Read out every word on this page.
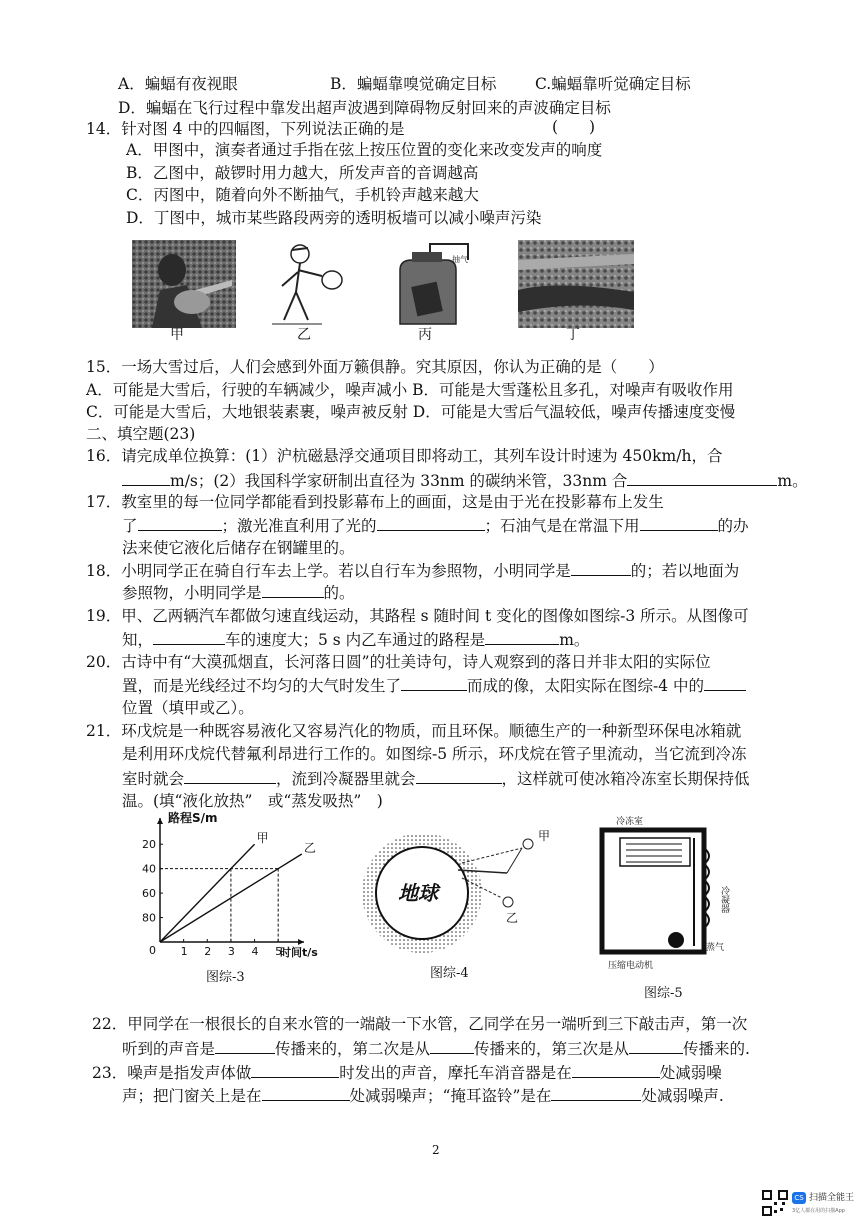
A．蝙蝠有夜视眼	B．蝙蝠靠嗅觉确定目标 C.蝙蝠靠听觉确定目标
D．蝙蝠在飞行过程中靠发出超声波遇到障碍物反射回来的声波确定目标
14．针对图 4 中的四幅图，下列说法正确的是	(　　)
A．甲图中，演奏者通过手指在弦上按压位置的变化来改变发声的响度
B．乙图中，敲锣时用力越大，所发声音的音调越高
C．丙图中，随着向外不断抽气，手机铃声越来越大
D．丁图中，城市某些路段两旁的透明板墙可以减小噪声污染
抽气
甲	乙	丙	丁
15．一场大雪过后，人们会感到外面万籁俱静。究其原因，你认为正确的是（　　）
A．可能是大雪后，行驶的车辆减少，噪声减小 B．可能是大雪蓬松且多孔，对噪声有吸收作用
C．可能是大雪后，大地银装素裹，噪声被反射 D．可能是大雪后气温较低，噪声传播速度变慢
二、填空题(23)
16．请完成单位换算：(1）沪杭磁悬浮交通项目即将动工，其列车设计时速为 450km/h，合
m/s；(2）我国科学家研制出直径为 33nm 的碳纳米管，33nm 合	m。
17．教室里的每一位同学都能看到投影幕布上的画面，这是由于光在投影幕布上发生
了	；激光准直利用了光的	；石油气是在常温下用	的办
法来使它液化后储存在钢罐里的。
18．小明同学正在骑自行车去上学。若以自行车为参照物，小明同学是	的；若以地面为
参照物，小明同学是	的。
19．甲、乙两辆汽车都做匀速直线运动，其路程 s 随时间 t 变化的图像如图综-3 所示。从图像可
知，	车的速度大；5 s 内乙车通过的路程是	m。
20．古诗中有“大漠孤烟直，长河落日圆”的壮美诗句，诗人观察到的落日并非太阳的实际位
置，而是光线经过不均匀的大气时发生了	而成的像，太阳实际在图综-4 中的
位置（填甲或乙）。
21．环戊烷是一种既容易液化又容易汽化的物质，而且环保。顺德生产的一种新型环保电冰箱就
是利用环戊烷代替氟利昂进行工作的。如图综-5 所示，环戊烷在管子里流动，当它流到冷冻
室时就会	，流到冷凝器里就会	，这样就可使冰箱冷冻室长期保持低
温。(填“液化放热”　或“蒸发吸热”　)
1 2 3 4 5
80
60
40
20
0
甲
乙
路程S/m
时间t/s
图综-3
地球
甲
乙
图综-4
冷冻室
冷凝器
蒸气
压缩电动机
图综-5
22．甲同学在一根很长的自来水管的一端敲一下水管，乙同学在另一端听到三下敲击声，第一次
听到的声音是	传播来的，第二次是从	传播来的，第三次是从	传播来的.
23．噪声是指发声体做	时发出的声音，摩托车消音器是在	处减弱噪
声；把门窗关上是在	处减弱噪声；“掩耳盗铃”是在	处减弱噪声.
2
CS 扫描全能王
3亿人都在用的扫描App
